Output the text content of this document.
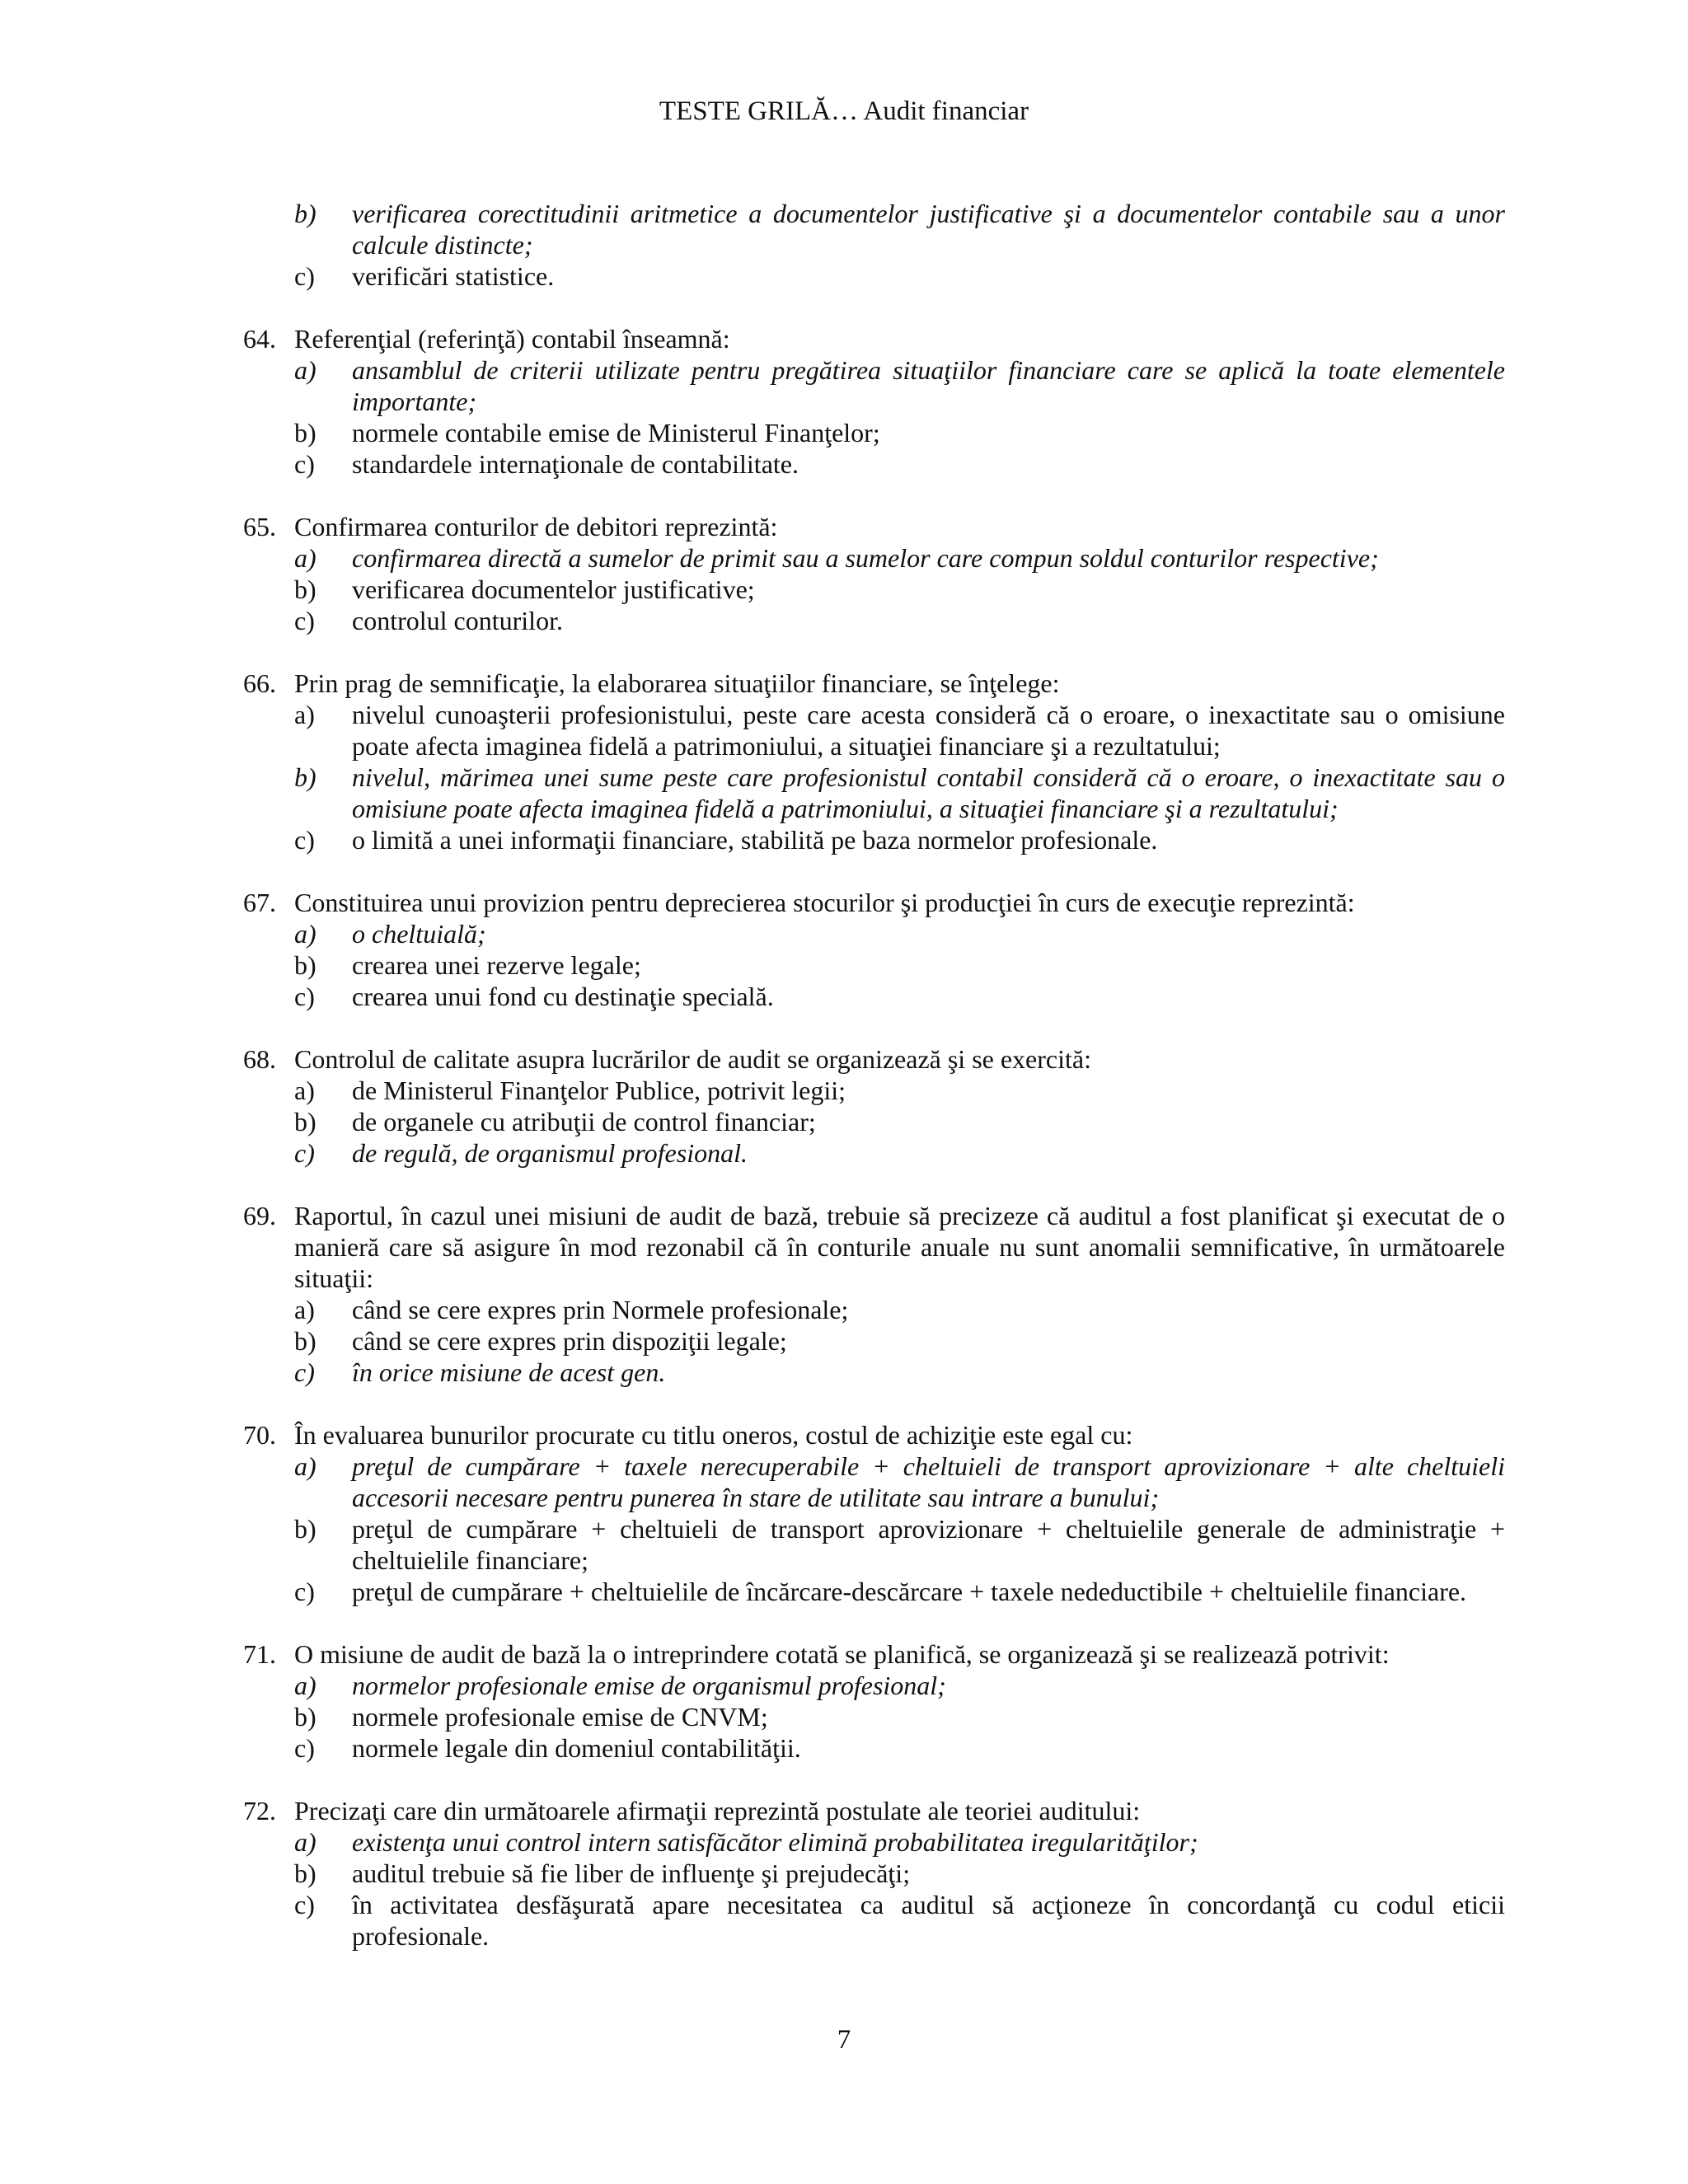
TESTE GRILĂ… Audit financiar
b) verificarea corectitudinii aritmetice a documentelor justificative şi a documentelor contabile sau a unor calcule distincte;
c) verificări statistice.
64. Referenţial (referinţă) contabil înseamnă:
a) ansamblul de criterii utilizate pentru pregătirea situaţiilor financiare care se aplică la toate elementele importante;
b) normele contabile emise de Ministerul Finanţelor;
c) standardele internaţionale de contabilitate.
65. Confirmarea conturilor de debitori reprezintă:
a) confirmarea directă a sumelor de primit sau a sumelor care compun soldul conturilor respective;
b) verificarea documentelor justificative;
c) controlul conturilor.
66. Prin prag de semnificaţie, la elaborarea situaţiilor financiare, se înţelege:
a) nivelul cunoaşterii profesionistului, peste care acesta consideră că o eroare, o inexactitate sau o omisiune poate afecta imaginea fidelă a patrimoniului, a situaţiei financiare şi a rezultatului;
b) nivelul, mărimea unei sume peste care profesionistul contabil consideră că o eroare, o inexactitate sau o omisiune poate afecta imaginea fidelă a patrimoniului, a situaţiei financiare şi a rezultatului;
c) o limită a unei informaţii financiare, stabilită pe baza normelor profesionale.
67. Constituirea unui provizion pentru deprecierea stocurilor şi producţiei în curs de execuţie reprezintă:
a) o cheltuială;
b) crearea unei rezerve legale;
c) crearea unui fond cu destinaţie specială.
68. Controlul de calitate asupra lucrărilor de audit se organizează şi se exercită:
a) de Ministerul Finanţelor Publice, potrivit legii;
b) de organele cu atribuţii de control financiar;
c) de regulă, de organismul profesional.
69. Raportul, în cazul unei misiuni de audit de bază, trebuie să precizeze că auditul a fost planificat şi executat de o manieră care să asigure în mod rezonabil că în conturile anuale nu sunt anomalii semnificative, în următoarele situaţii:
a) când se cere expres prin Normele profesionale;
b) când se cere expres prin dispoziţii legale;
c) în orice misiune de acest gen.
70. În evaluarea bunurilor procurate cu titlu oneros, costul de achiziţie este egal cu:
a) preţul de cumpărare + taxele nerecuperabile + cheltuieli de transport aprovizionare + alte cheltuieli accesorii necesare pentru punerea în stare de utilitate sau intrare a bunului;
b) preţul de cumpărare + cheltuieli de transport aprovizionare + cheltuielile generale de administraţie + cheltuielile financiare;
c) preţul de cumpărare + cheltuielile de încărcare-descărcare + taxele nedeductibile + cheltuielile financiare.
71. O misiune de audit de bază la o intreprindere cotată se planifică, se organizează şi se realizează potrivit:
a) normelor profesionale emise de organismul profesional;
b) normele profesionale emise de CNVM;
c) normele legale din domeniul contabilităţii.
72. Precizaţi care din următoarele afirmaţii reprezintă postulate ale teoriei auditului:
a) existenţa unui control intern satisfăcător elimină probabilitatea iregularităţilor;
b) auditul trebuie să fie liber de influenţe şi prejudecăţi;
c) în activitatea desfăşurată apare necesitatea ca auditul să acţioneze în concordanţă cu codul eticii profesionale.
7
